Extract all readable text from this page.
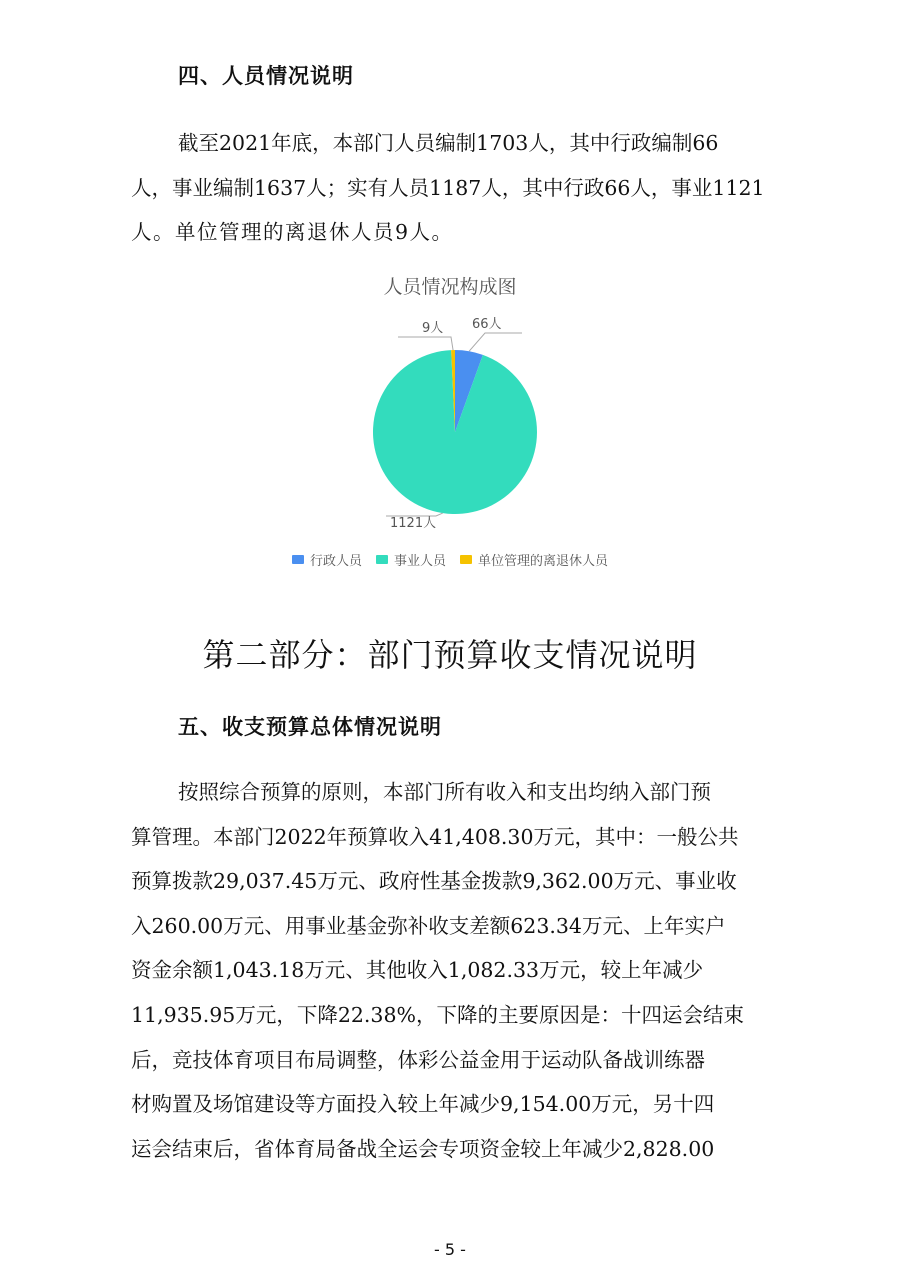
四、人员情况说明
截至2021年底，本部门人员编制1703人，其中行政编制66
人，事业编制1637人；实有人员1187人，其中行政66人，事业1121
人。单位管理的离退休人员9人。
人员情况构成图
66人
9人
1121人
行政人员 事业人员 单位管理的离退休人员
第二部分：部门预算收支情况说明
五、收支预算总体情况说明
按照综合预算的原则，本部门所有收入和支出均纳入部门预
算管理。本部门2022年预算收入41,408.30万元，其中：一般公共
预算拨款29,037.45万元、政府性基金拨款9,362.00万元、事业收
入260.00万元、用事业基金弥补收支差额623.34万元、上年实户
资金余额1,043.18万元、其他收入1,082.33万元，较上年减少
11,935.95万元，下降22.38%，下降的主要原因是：十四运会结束
后，竞技体育项目布局调整，体彩公益金用于运动队备战训练器
材购置及场馆建设等方面投入较上年减少9,154.00万元，另十四
运会结束后，省体育局备战全运会专项资金较上年减少2,828.00
- 5 -
